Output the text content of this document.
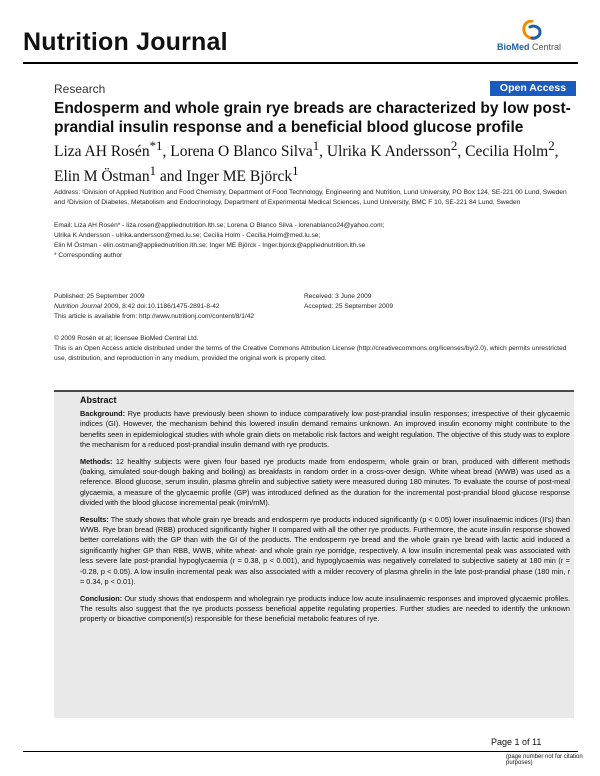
Nutrition Journal	BioMed Central
Research	Open Access
Endosperm and whole grain rye breads are characterized by low post-prandial insulin response and a beneficial blood glucose profile
Liza AH Rosén$^{*1}$, Lorena O Blanco Silva$^1$, Ulrika K Andersson$^2$, Cecilia Holm$^2$, Elin M Östman$^1$ and Inger ME Björck$^1$
Address: ¹Division of Applied Nutrition and Food Chemistry, Department of Food Technology, Engineering and Nutrition, Lund University, PO Box 124, SE-221 00 Lund, Sweden and ²Division of Diabetes, Metabolism and Endocrinology, Department of Experimental Medical Sciences, Lund University, BMC F 10, SE-221 84 Lund, Sweden
Email: Liza AH Rosén* - liza.rosen@appliednutrition.lth.se; Lorena O Blanco Silva - lorenablanco24@yahoo.com;
Ulrika K Andersson - ulrika.andersson@med.lu.se; Cecilia Holm - Cecilia.Holm@med.lu.se;
Elin M Östman - elin.ostman@appliednutrition.lth.se; Inger ME Björck - Inger.bjorck@appliednutrition.lth.se
* Corresponding author
Published: 25 September 2009
Nutrition Journal 2009, 8:42 doi:10.1186/1475-2891-8-42
This article is available from: http://www.nutritionj.com/content/8/1/42
Received: 3 June 2009
Accepted: 25 September 2009
© 2009 Rosén et al; licensee BioMed Central Ltd.
This is an Open Access article distributed under the terms of the Creative Commons Attribution License (http://creativecommons.org/licenses/by/2.0), which permits unrestricted use, distribution, and reproduction in any medium, provided the original work is properly cited.
Abstract

Background: Rye products have previously been shown to induce comparatively low post-prandial insulin responses; irrespective of their glycaemic indices (GI). However, the mechanism behind this lowered insulin demand remains unknown. An improved insulin economy might contribute to the benefits seen in epidemiological studies with whole grain diets on metabolic risk factors and weight regulation. The objective of this study was to explore the mechanism for a reduced post-prandial insulin demand with rye products.

Methods: 12 healthy subjects were given four based rye products made from endosperm, whole grain or bran, produced with different methods (baking, simulated sour-dough baking and boiling) as breakfasts in random order in a cross-over design. White wheat bread (WWB) was used as a reference. Blood glucose, serum insulin, plasma ghrelin and subjective satiety were measured during 180 minutes. To evaluate the course of post-meal glycaemia, a measure of the glycaemic profile (GP) was introduced defined as the duration for the incremental post-prandial blood glucose response divided with the blood glucose incremental peak (min/mM).

Results: The study shows that whole grain rye breads and endosperm rye products induced significantly (p < 0.05) lower insulinaemic indices (II's) than WWB. Rye bran bread (RBB) produced significantly higher II compared with all the other rye products. Furthermore, the acute insulin response showed better correlations with the GP than with the GI of the products. The endosperm rye bread and the whole grain rye bread with lactic acid induced a significantly higher GP than RBB, WWB, white wheat- and whole grain rye porridge, respectively. A low insulin incremental peak was associated with less severe late post-prandial hypoglycaemia (r = 0.38, p < 0.001), and hypoglycaemia was negatively correlated to subjective satiety at 180 min (r = -0.28, p < 0.05). A low insulin incremental peak was also associated with a milder recovery of plasma ghrelin in the late post-prandial phase (180 min, r = 0.34, p < 0.01).

Conclusion: Our study shows that endosperm and wholegrain rye products induce low acute insulinaemic responses and improved glycaemic profiles. The results also suggest that the rye products possess beneficial appetite regulating properties. Further studies are needed to identify the unknown property or bioactive component(s) responsible for these beneficial metabolic features of rye.

Page 1 of 11
(page number not for citation purposes)
